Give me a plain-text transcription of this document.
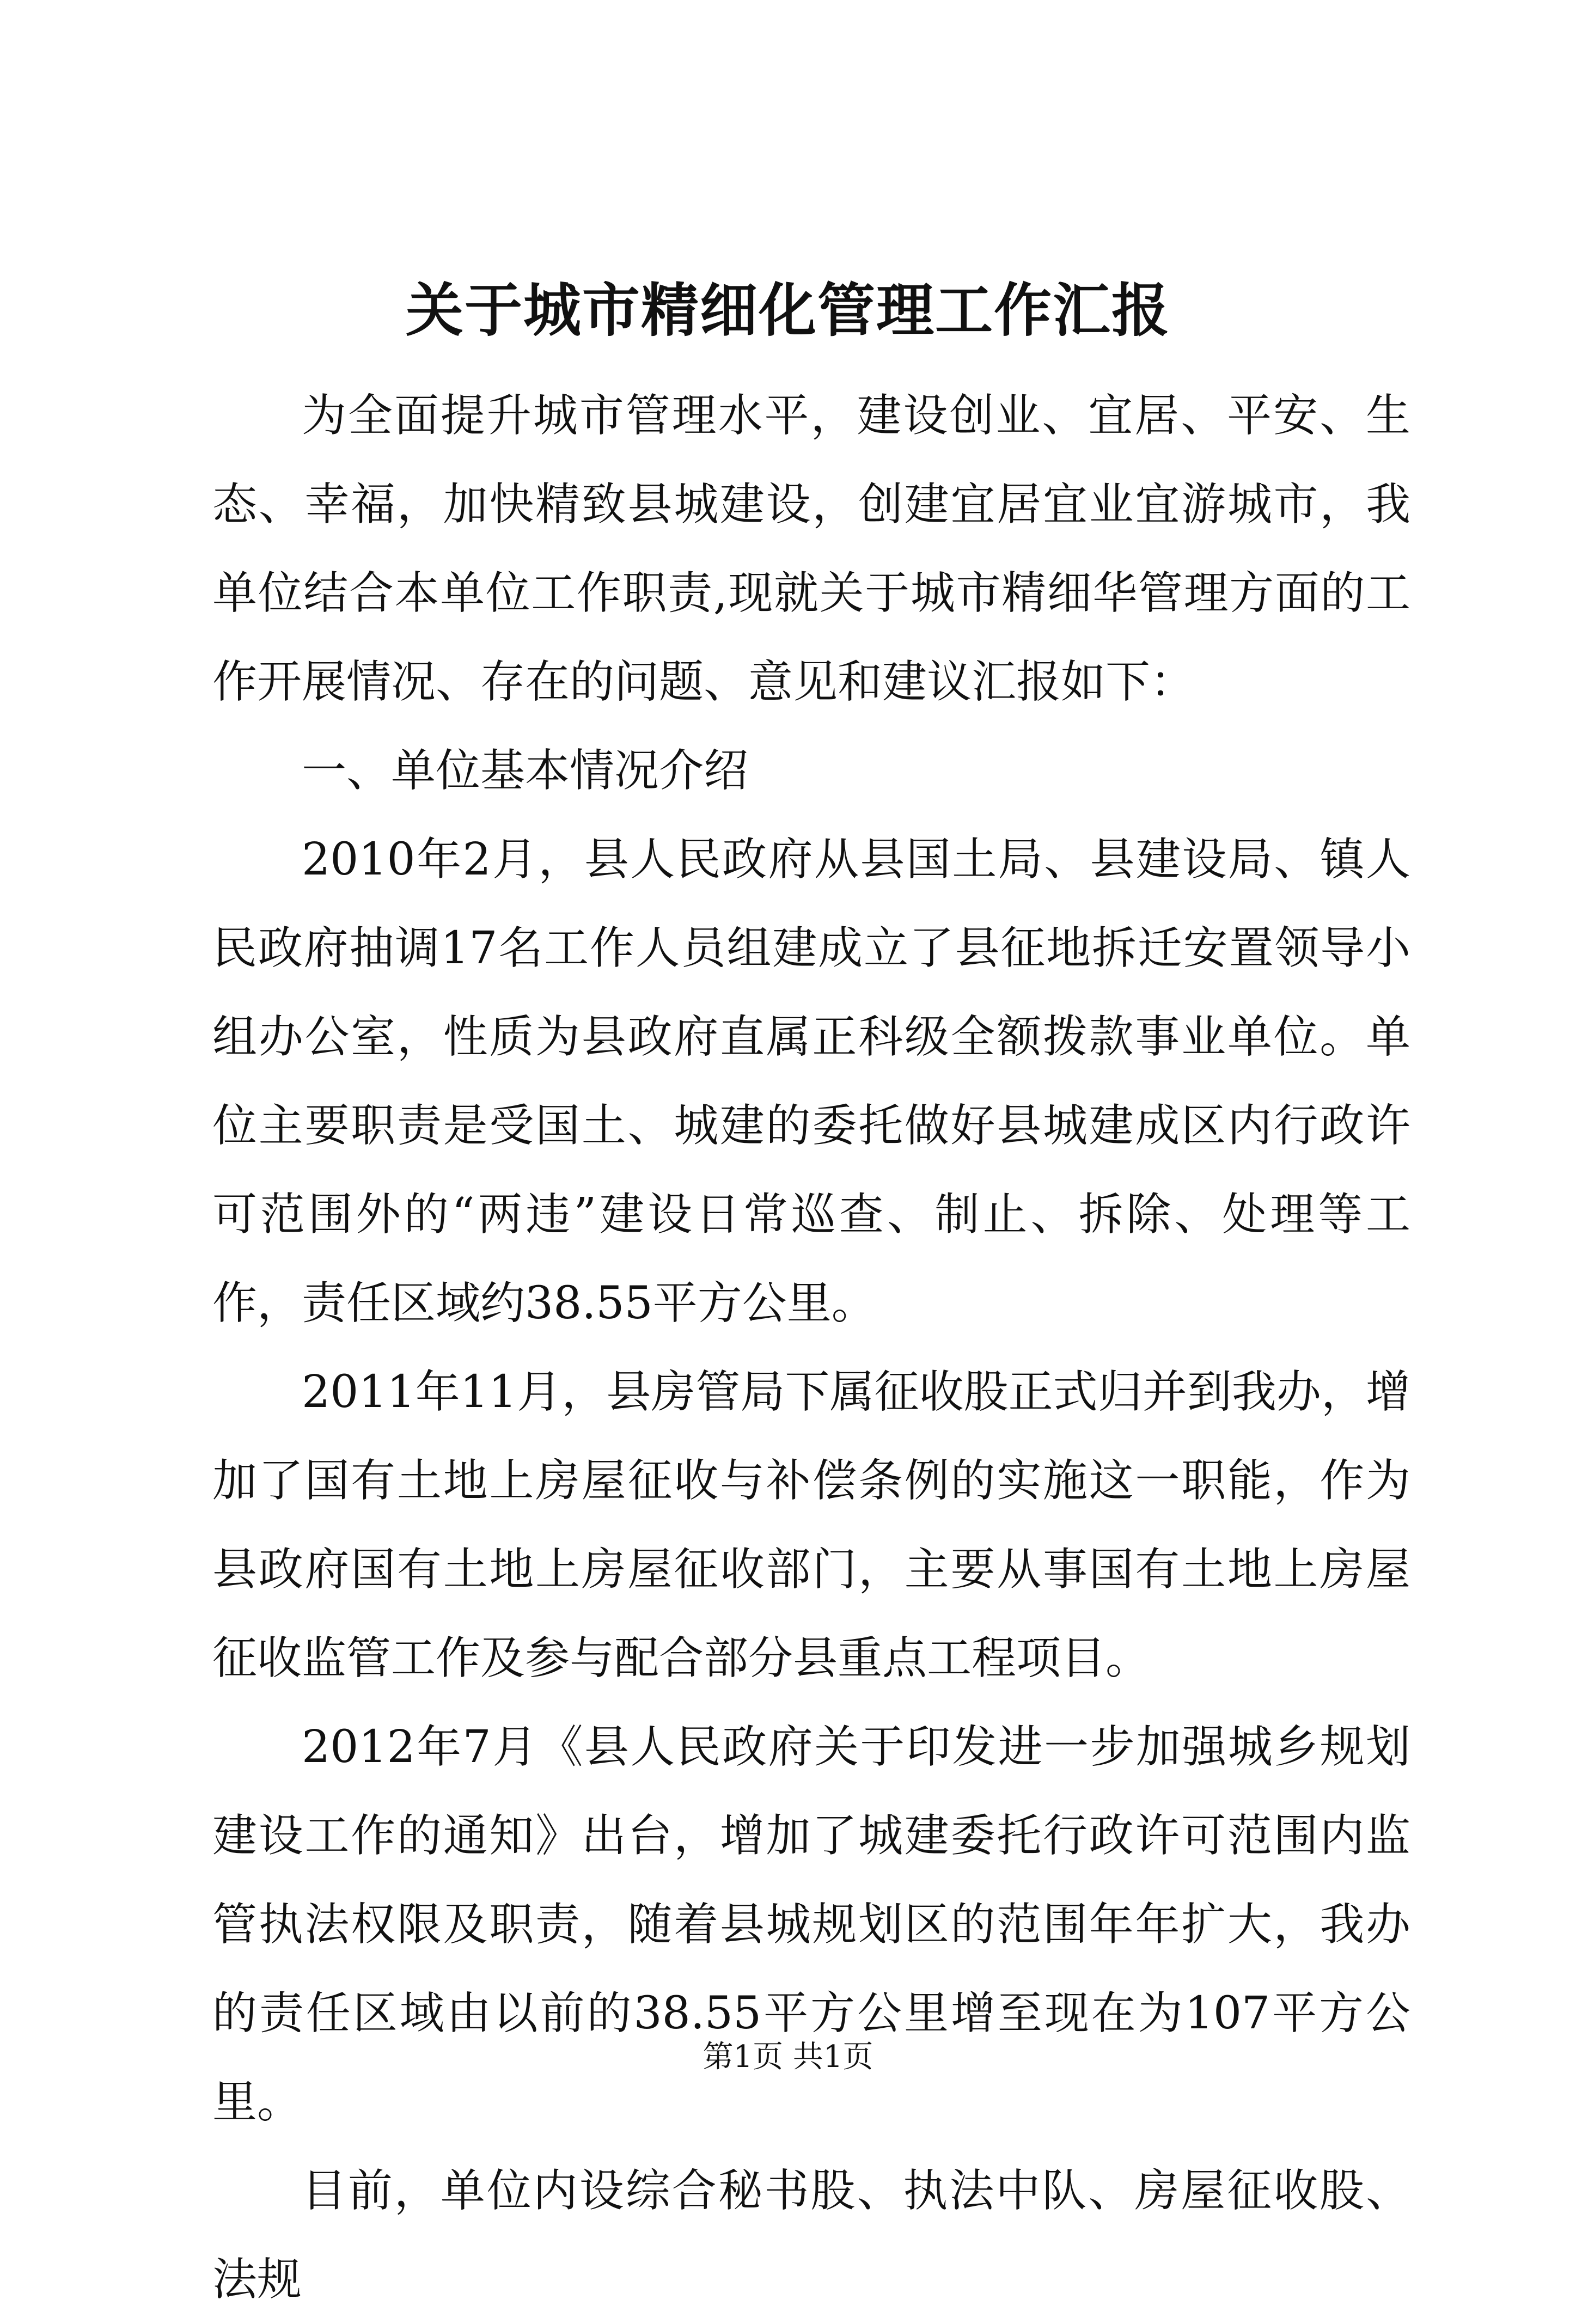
关于城市精细化管理工作汇报

为全面提升城市管理水平，建设创业、宜居、平安、生态、幸福，加快精致县城建设，创建宜居宜业宜游城市，我单位结合本单位工作职责,现就关于城市精细华管理方面的工作开展情况、存在的问题、意见和建议汇报如下：

一、单位基本情况介绍

2010年2月，县人民政府从县国土局、县建设局、镇人民政府抽调17名工作人员组建成立了县征地拆迁安置领导小组办公室，性质为县政府直属正科级全额拨款事业单位。单位主要职责是受国土、城建的委托做好县城建成区内行政许可范围外的“两违”建设日常巡查、制止、拆除、处理等工作，责任区域约38.55平方公里。

2011年11月，县房管局下属征收股正式归并到我办，增加了国有土地上房屋征收与补偿条例的实施这一职能，作为县政府国有土地上房屋征收部门，主要从事国有土地上房屋征收监管工作及参与配合部分县重点工程项目。

2012年7月《县人民政府关于印发进一步加强城乡规划建设工作的通知》出台，增加了城建委托行政许可范围内监管执法权限及职责，随着县城规划区的范围年年扩大，我办的责任区域由以前的38.55平方公里增至现在为107平方公里。

目前，单位内设综合秘书股、执法中队、房屋征收股、法规

第1页 共1页
